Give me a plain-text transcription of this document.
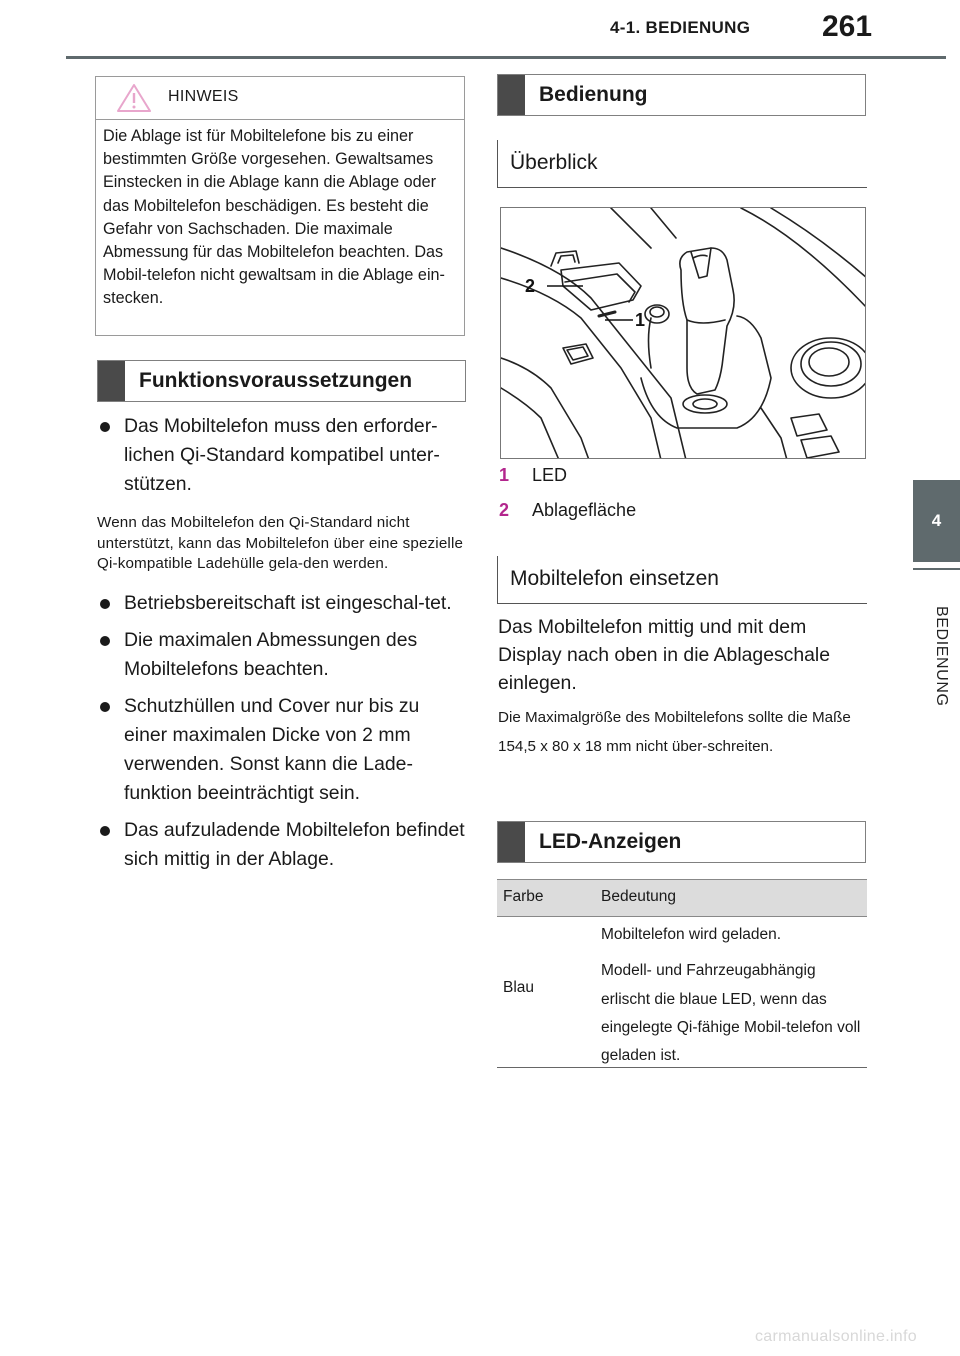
4-1. BEDIENUNG 261
4
BEDIENUNG
HINWEIS
Die Ablage ist für Mobiltelefone bis zu einer bestimmten Größe vorgesehen. Gewaltsames Einstecken in die Ablage kann die Ablage oder das Mobiltelefon beschädigen. Es besteht die Gefahr von Sachschaden. Die maximale Abmessung für das Mobiltelefon beachten. Das Mobil-telefon nicht gewaltsam in die Ablage ein-stecken.
Funktionsvoraussetzungen
Das Mobiltelefon muss den erforder-lichen Qi-Standard kompatibel unter-stützen.
Wenn das Mobiltelefon den Qi-Standard nicht unterstützt, kann das Mobiltelefon über eine spezielle Qi-kompatible Ladehülle gela-den werden.
Betriebsbereitschaft ist eingeschal-tet.
Die maximalen Abmessungen des Mobiltelefons beachten.
Schutzhüllen und Cover nur bis zu einer maximalen Dicke von 2 mm verwenden. Sonst kann die Lade-funktion beeinträchtigt sein.
Das aufzuladende Mobiltelefon befindet sich mittig in der Ablage.
Bedienung
Überblick
2
1
1 LED
2 Ablagefläche
Mobiltelefon einsetzen
Das Mobiltelefon mittig und mit dem Display nach oben in die Ablageschale einlegen.
Die Maximalgröße des Mobiltelefons sollte die Maße 154,5 x 80 x 18 mm nicht über-schreiten.
LED-Anzeigen
Farbe	Bedeutung
Blau
Mobiltelefon wird geladen.
Modell- und Fahrzeugabhängig erlischt die blaue LED, wenn das eingelegte Qi-fähige Mobil-telefon voll geladen ist.
carmanualsonline.info
